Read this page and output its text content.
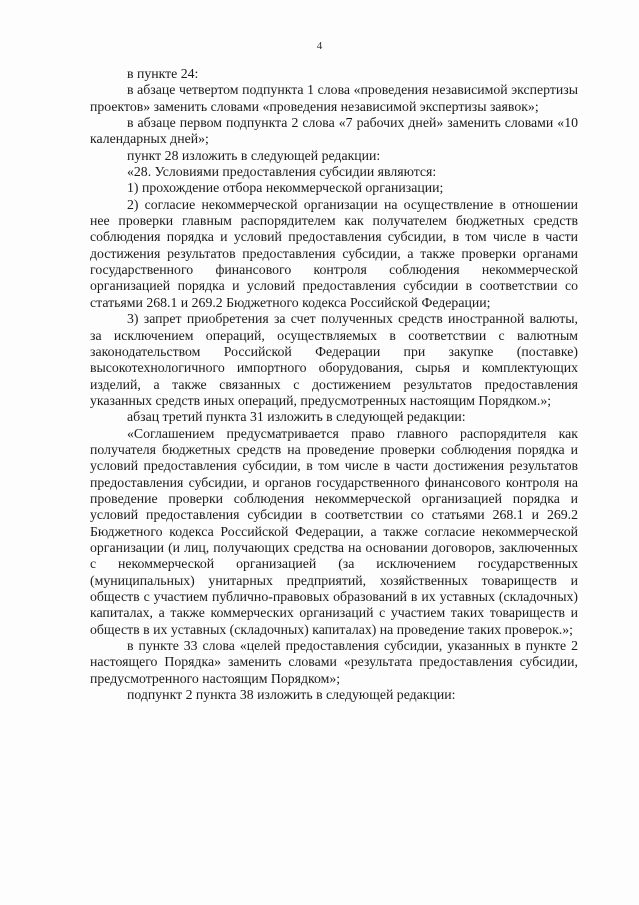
4

в пункте 24:

в абзаце четвертом подпункта 1 слова «проведения независимой экспертизы проектов» заменить словами «проведения независимой экспертизы заявок»;

в абзаце первом подпункта 2 слова «7 рабочих дней» заменить словами «10 календарных дней»;

пункт 28 изложить в следующей редакции:

«28. Условиями предоставления субсидии являются:

1) прохождение отбора некоммерческой организации;

2) согласие некоммерческой организации на осуществление в отношении нее проверки главным распорядителем как получателем бюджетных средств соблюдения порядка и условий предоставления субсидии, в том числе в части достижения результатов предоставления субсидии, а также проверки органами государственного финансового контроля соблюдения некоммерческой организацией порядка и условий предоставления субсидии в соответствии со статьями 268.1 и 269.2 Бюджетного кодекса Российской Федерации;

3) запрет приобретения за счет полученных средств иностранной валюты, за исключением операций, осуществляемых в соответствии с валютным законодательством Российской Федерации при закупке (поставке) высокотехнологичного импортного оборудования, сырья и комплектующих изделий, а также связанных с достижением результатов предоставления указанных средств иных операций, предусмотренных настоящим Порядком.»;

абзац третий пункта 31 изложить в следующей редакции:

«Соглашением предусматривается право главного распорядителя как получателя бюджетных средств на проведение проверки соблюдения порядка и условий предоставления субсидии, в том числе в части достижения результатов предоставления субсидии, и органов государственного финансового контроля на проведение проверки соблюдения некоммерческой организацией порядка и условий предоставления субсидии в соответствии со статьями 268.1 и 269.2 Бюджетного кодекса Российской Федерации, а также согласие некоммерческой организации (и лиц, получающих средства на основании договоров, заключенных с некоммерческой организацией (за исключением государственных (муниципальных) унитарных предприятий, хозяйственных товариществ и обществ с участием публично-правовых образований в их уставных (складочных) капиталах, а также коммерческих организаций с участием таких товариществ и обществ в их уставных (складочных) капиталах) на проведение таких проверок.»;

в пункте 33 слова «целей предоставления субсидии, указанных в пункте 2 настоящего Порядка» заменить словами «результата предоставления субсидии, предусмотренного настоящим Порядком»;

подпункт 2 пункта 38 изложить в следующей редакции:
